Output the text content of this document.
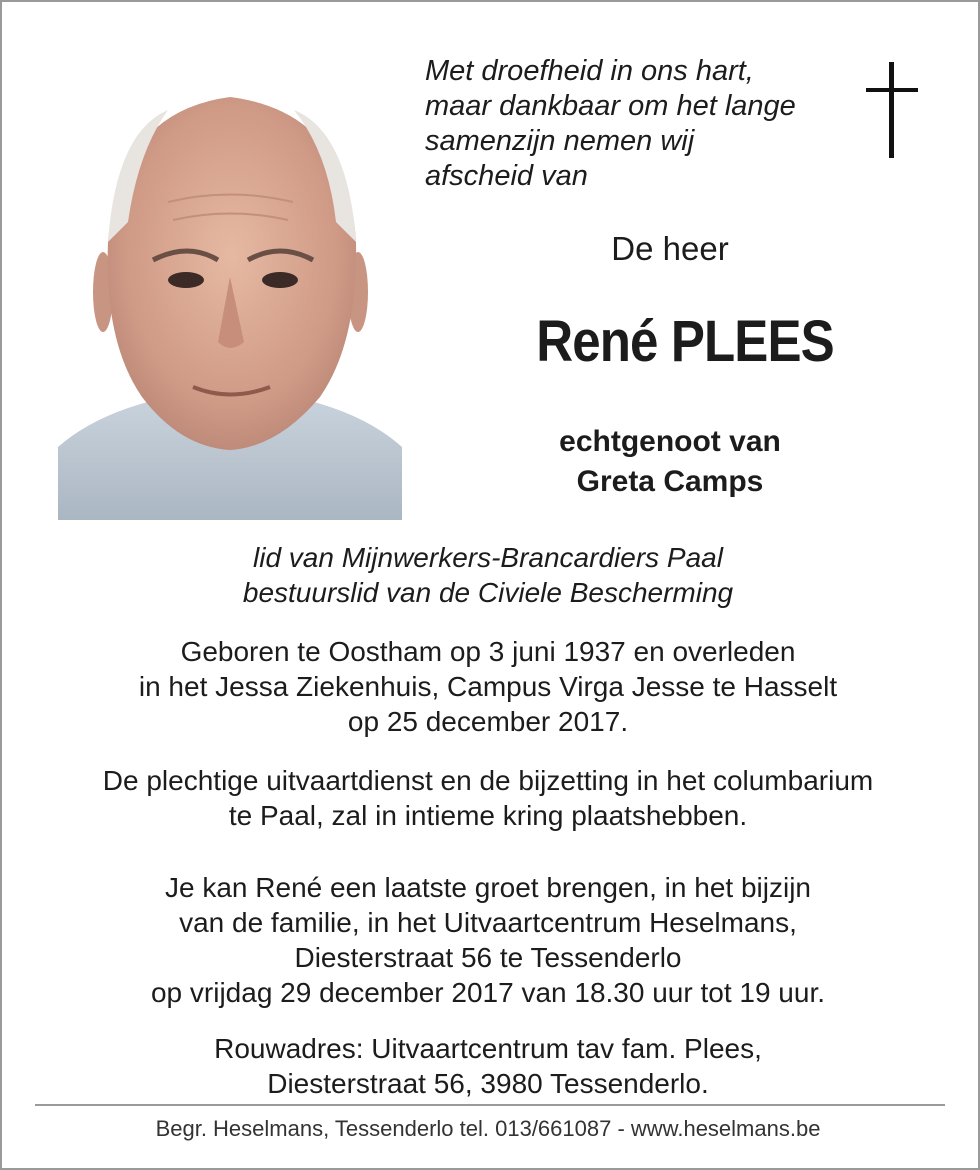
Met droefheid in ons hart,
maar dankbaar om het lange
samenzijn nemen wij
afscheid van
De heer
René PLEES
echtgenoot van
Greta Camps
lid van Mijnwerkers-Brancardiers Paal
bestuurslid van de Civiele Bescherming
Geboren te Oostham op 3 juni 1937 en overleden
in het Jessa Ziekenhuis, Campus Virga Jesse te Hasselt
op 25 december 2017.
De plechtige uitvaartdienst en de bijzetting in het columbarium
te Paal, zal in intieme kring plaatshebben.
Je kan René een laatste groet brengen, in het bijzijn
van de familie, in het Uitvaartcentrum Heselmans,
Diesterstraat 56 te Tessenderlo
op vrijdag 29 december 2017 van 18.30 uur tot 19 uur.
Rouwadres: Uitvaartcentrum tav fam. Plees,
Diesterstraat 56, 3980 Tessenderlo.
Begr. Heselmans, Tessenderlo tel. 013/661087 - www.heselmans.be
